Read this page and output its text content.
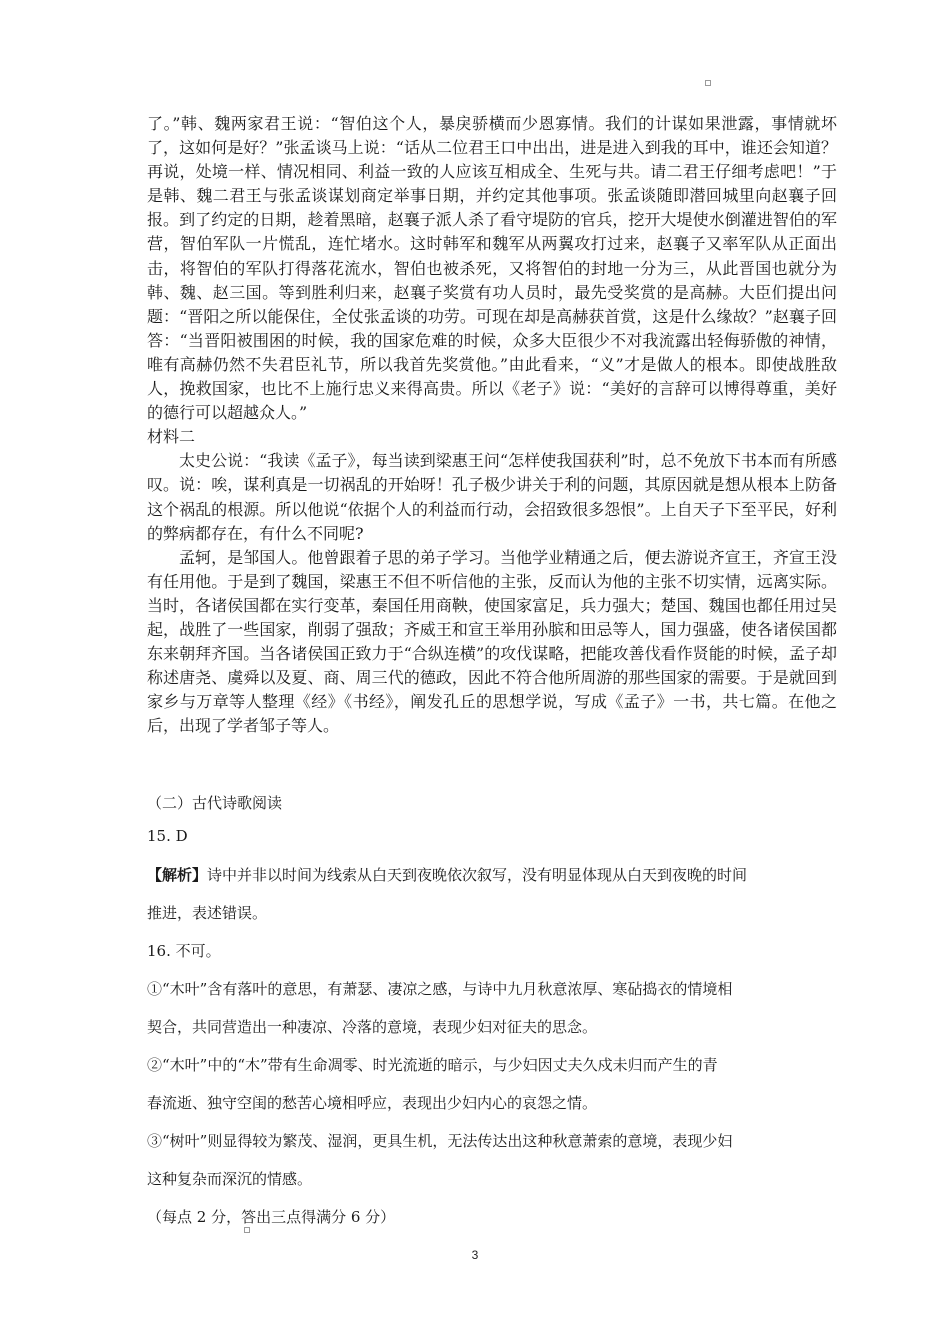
了。”韩、魏两家君王说：“智伯这个人，暴戾骄横而少恩寡情。我们的计谋如果泄露，事情就坏了，这如何是好？”张孟谈马上说：“话从二位君王口中出出，进是进入到我的耳中，谁还会知道？再说，处境一样、情况相同、利益一致的人应该互相成全、生死与共。请二君王仔细考虑吧！”于是韩、魏二君王与张孟谈谋划商定举事日期，并约定其他事项。张孟谈随即潜回城里向赵襄子回报。到了约定的日期，趁着黑暗，赵襄子派人杀了看守堤防的官兵，挖开大堤使水倒灌进智伯的军营，智伯军队一片慌乱，连忙堵水。这时韩军和魏军从两翼攻打过来，赵襄子又率军队从正面出击，将智伯的军队打得落花流水，智伯也被杀死，又将智伯的封地一分为三，从此晋国也就分为韩、魏、赵三国。等到胜利归来，赵襄子奖赏有功人员时，最先受奖赏的是高赫。大臣们提出问题：“晋阳之所以能保住，全仗张孟谈的功劳。可现在却是高赫获首赏，这是什么缘故？”赵襄子回答：“当晋阳被围困的时候，我的国家危难的时候，众多大臣很少不对我流露出轻侮骄傲的神情，唯有高赫仍然不失君臣礼节，所以我首先奖赏他。”由此看来，“义”才是做人的根本。即使战胜敌人，挽救国家，也比不上施行忠义来得高贵。所以《老子》说：“美好的言辞可以博得尊重，美好的德行可以超越众人。”

材料二

太史公说：“我读《孟子》，每当读到梁惠王问“怎样使我国获利”时，总不免放下书本而有所感叹。说：唉，谋利真是一切祸乱的开始呀！孔子极少讲关于利的问题，其原因就是想从根本上防备这个祸乱的根源。所以他说“依据个人的利益而行动，会招致很多怨恨”。上自天子下至平民，好利的弊病都存在，有什么不同呢?

孟轲，是邹国人。他曾跟着子思的弟子学习。当他学业精通之后，便去游说齐宣王，齐宣王没有任用他。于是到了魏国，梁惠王不但不听信他的主张，反而认为他的主张不切实情，远离实际。当时，各诸侯国都在实行变革，秦国任用商鞅，使国家富足，兵力强大；楚国、魏国也都任用过吴起，战胜了一些国家，削弱了强敌；齐威王和宣王举用孙膑和田忌等人，国力强盛，使各诸侯国都东来朝拜齐国。当各诸侯国正致力于“合纵连横”的攻伐谋略，把能攻善伐看作贤能的时候，孟子却称述唐尧、虞舜以及夏、商、周三代的德政，因此不符合他所周游的那些国家的需要。于是就回到家乡与万章等人整理《经》《书经》，阐发孔丘的思想学说，写成《孟子》一书，共七篇。在他之后，出现了学者邹子等人。

（二）古代诗歌阅读
15. D
【解析】诗中并非以时间为线索从白天到夜晚依次叙写，没有明显体现从白天到夜晚的时间
推进，表述错误。
16. 不可。
①“木叶”含有落叶的意思，有萧瑟、凄凉之感，与诗中九月秋意浓厚、寒砧捣衣的情境相
契合，共同营造出一种凄凉、冷落的意境，表现少妇对征夫的思念。
②“木叶”中的“木”带有生命凋零、时光流逝的暗示，与少妇因丈夫久戍未归而产生的青
春流逝、独守空闺的愁苦心境相呼应，表现出少妇内心的哀怨之情。
③“树叶”则显得较为繁茂、湿润，更具生机，无法传达出这种秋意萧索的意境，表现少妇
这种复杂而深沉的情感。
（每点 2 分，答出三点得满分 6 分）
3
